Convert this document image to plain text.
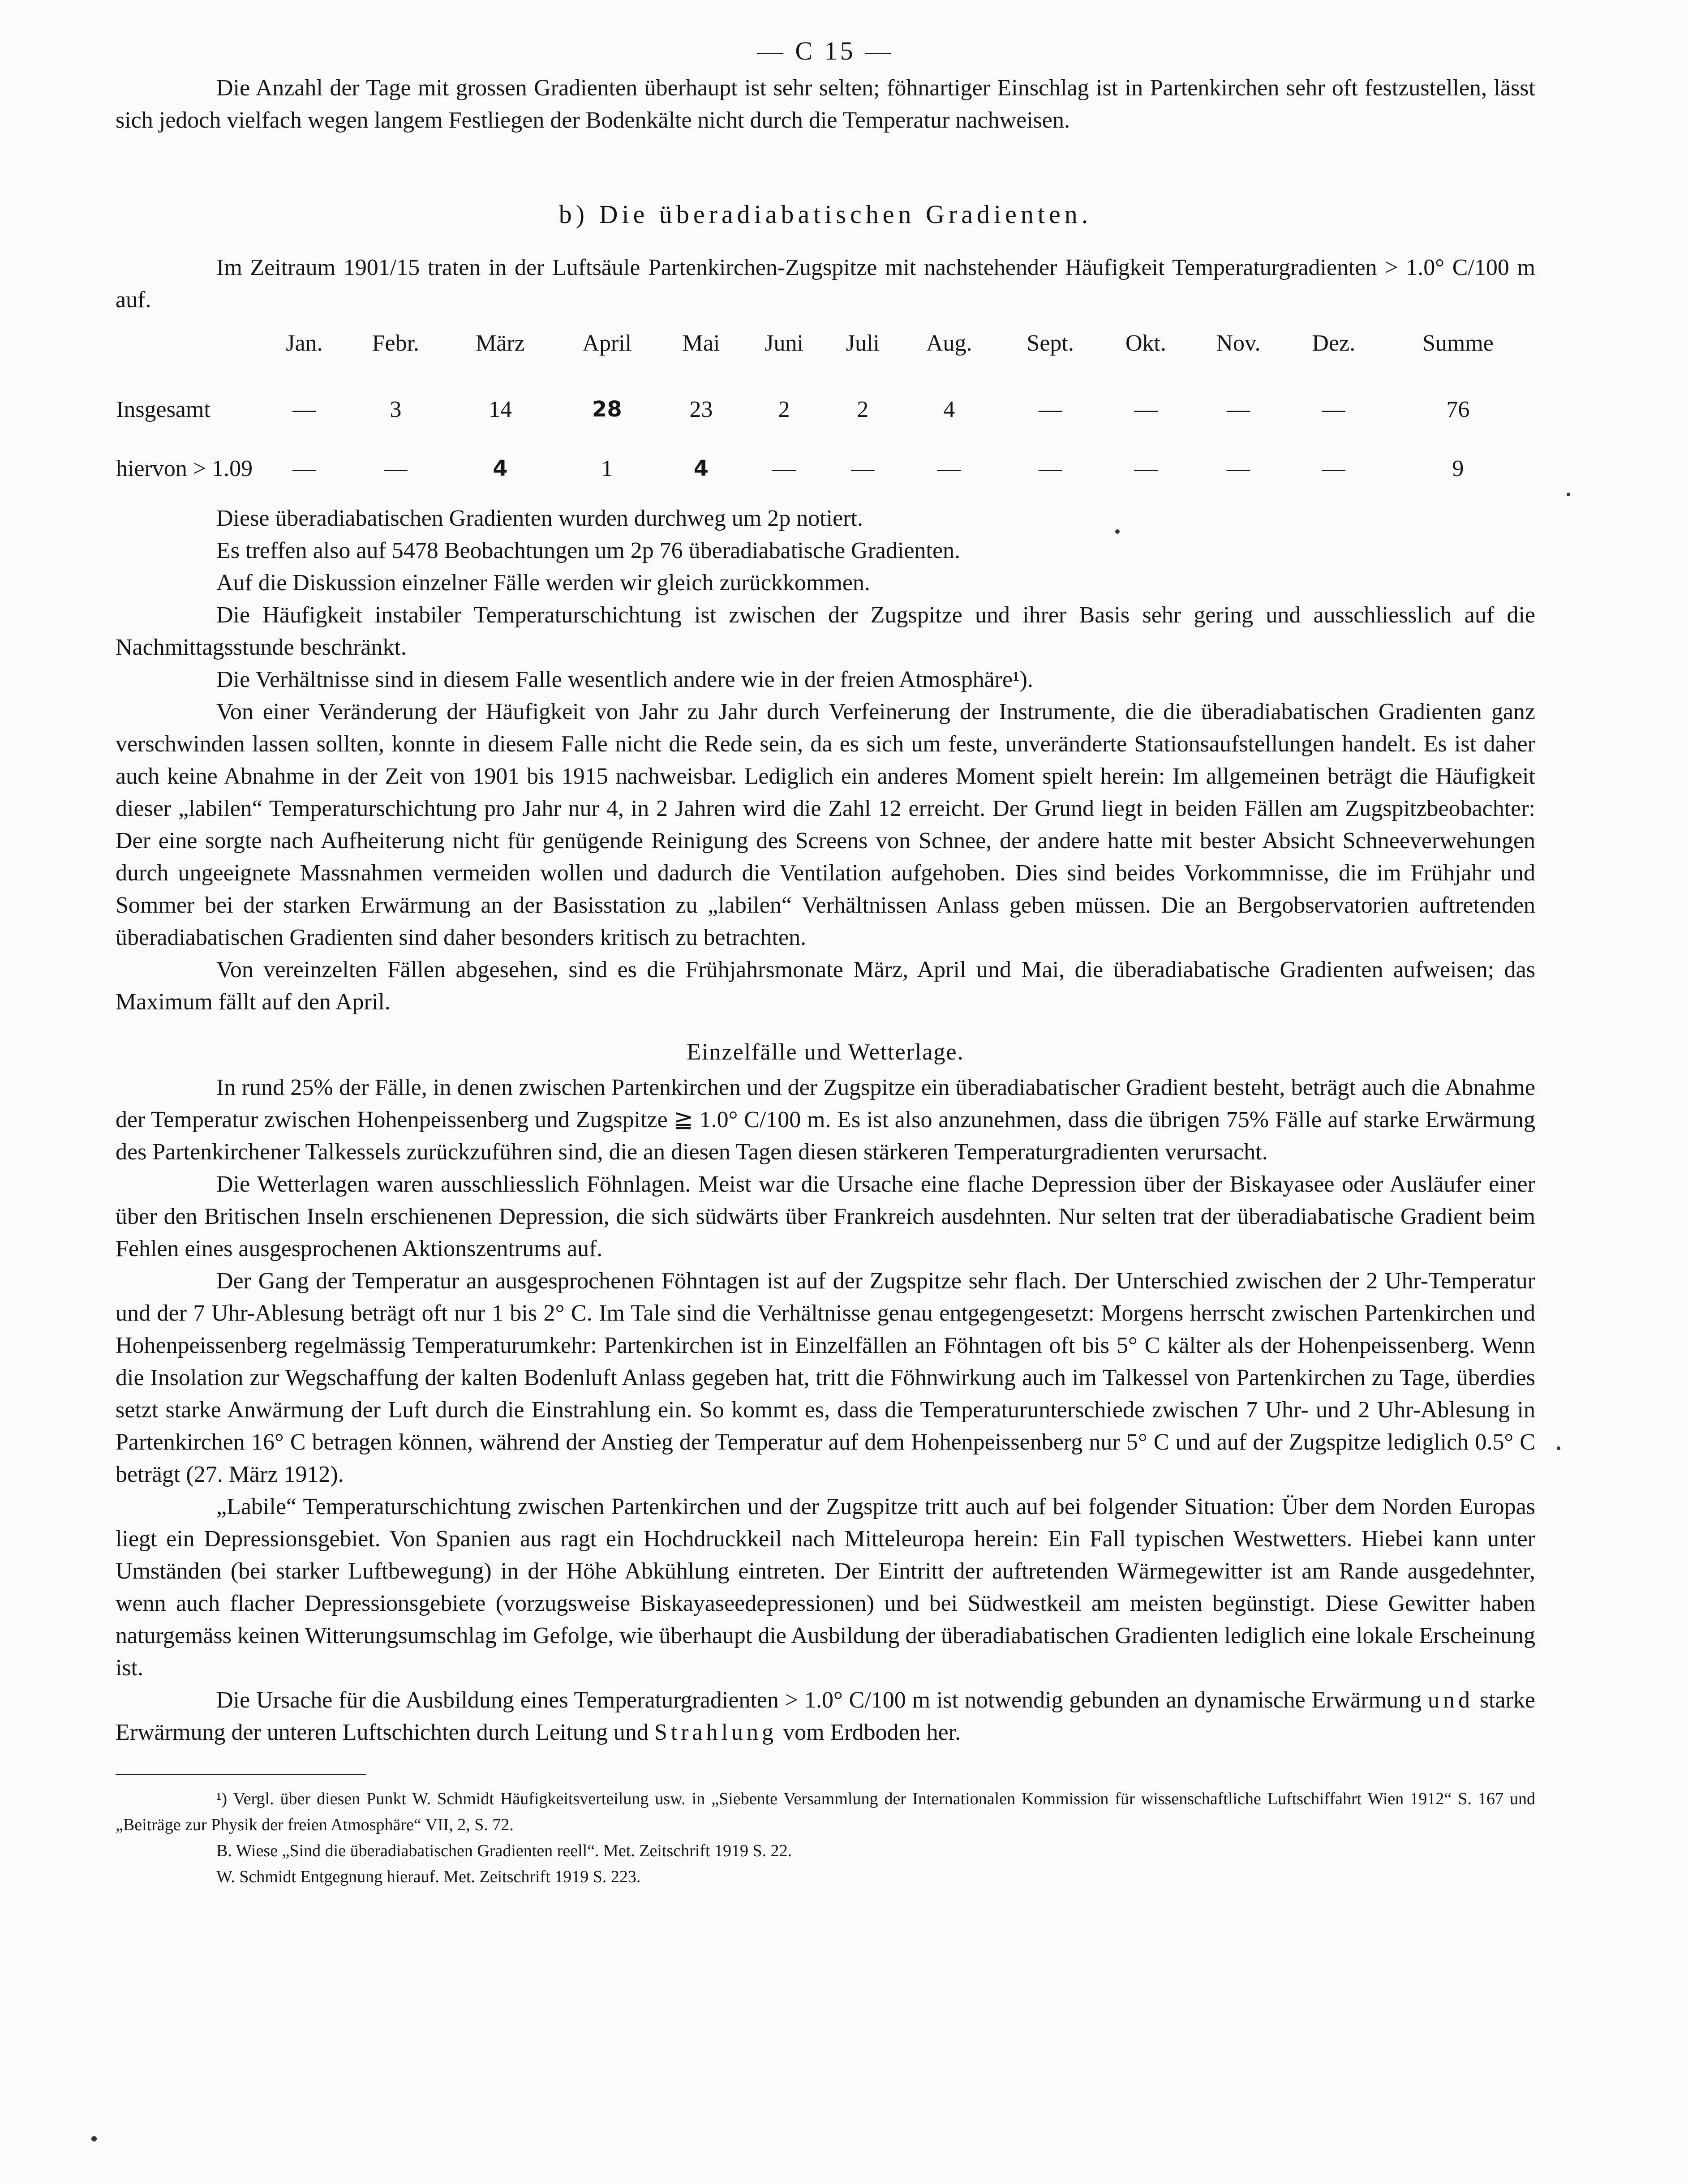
— C 15 —

Die Anzahl der Tage mit grossen Gradienten überhaupt ist sehr selten; föhnartiger Einschlag ist in Partenkirchen sehr oft festzustellen, lässt sich jedoch vielfach wegen langem Festliegen der Bodenkälte nicht durch die Temperatur nachweisen.

b) Die überadiabatischen Gradienten.

Im Zeitraum 1901/15 traten in der Luftsäule Partenkirchen-Zugspitze mit nachstehender Häufigkeit Temperaturgradienten > 1.0° C/100 m auf.

	Jan.	Febr.	März	April	Mai	Juni	Juli	Aug.	Sept.	Okt.	Nov.	Dez.	Summe
Insgesamt	—	3	14	28	23	2	2	4	—	—	—	—	76
hiervon > 1.09	—	—	4	1	4	—	—	—	—	—	—	—	9

Diese überadiabatischen Gradienten wurden durchweg um 2p notiert.

Es treffen also auf 5478 Beobachtungen um 2p 76 überadiabatische Gradienten.

Auf die Diskussion einzelner Fälle werden wir gleich zurückkommen.

Die Häufigkeit instabiler Temperaturschichtung ist zwischen der Zugspitze und ihrer Basis sehr gering und ausschliesslich auf die Nachmittagsstunde beschränkt.

Die Verhältnisse sind in diesem Falle wesentlich andere wie in der freien Atmosphäre¹).

Von einer Veränderung der Häufigkeit von Jahr zu Jahr durch Verfeinerung der Instrumente, die die überadiabatischen Gradienten ganz verschwinden lassen sollten, konnte in diesem Falle nicht die Rede sein, da es sich um feste, unveränderte Stationsaufstellungen handelt. Es ist daher auch keine Abnahme in der Zeit von 1901 bis 1915 nachweisbar. Lediglich ein anderes Moment spielt herein: Im allgemeinen beträgt die Häufigkeit dieser „labilen“ Temperaturschichtung pro Jahr nur 4, in 2 Jahren wird die Zahl 12 erreicht. Der Grund liegt in beiden Fällen am Zugspitzbeobachter: Der eine sorgte nach Aufheiterung nicht für genügende Reinigung des Screens von Schnee, der andere hatte mit bester Absicht Schneeverwehungen durch ungeeignete Massnahmen vermeiden wollen und dadurch die Ventilation aufgehoben. Dies sind beides Vorkommnisse, die im Frühjahr und Sommer bei der starken Erwärmung an der Basisstation zu „labilen“ Verhältnissen Anlass geben müssen. Die an Bergobservatorien auftretenden überadiabatischen Gradienten sind daher besonders kritisch zu betrachten.

Von vereinzelten Fällen abgesehen, sind es die Frühjahrsmonate März, April und Mai, die überadiabatische Gradienten aufweisen; das Maximum fällt auf den April.

Einzelfälle und Wetterlage.

In rund 25% der Fälle, in denen zwischen Partenkirchen und der Zugspitze ein überadiabatischer Gradient besteht, beträgt auch die Abnahme der Temperatur zwischen Hohenpeissenberg und Zugspitze ≧ 1.0° C/100 m. Es ist also anzunehmen, dass die übrigen 75% Fälle auf starke Erwärmung des Partenkirchener Talkessels zurückzuführen sind, die an diesen Tagen diesen stärkeren Temperaturgradienten verursacht.

Die Wetterlagen waren ausschliesslich Föhnlagen. Meist war die Ursache eine flache Depression über der Biskayasee oder Ausläufer einer über den Britischen Inseln erschienenen Depression, die sich südwärts über Frankreich ausdehnten. Nur selten trat der überadiabatische Gradient beim Fehlen eines ausgesprochenen Aktionszentrums auf.

Der Gang der Temperatur an ausgesprochenen Föhntagen ist auf der Zugspitze sehr flach. Der Unterschied zwischen der 2 Uhr-Temperatur und der 7 Uhr-Ablesung beträgt oft nur 1 bis 2° C. Im Tale sind die Verhältnisse genau entgegengesetzt: Morgens herrscht zwischen Partenkirchen und Hohenpeissenberg regelmässig Temperaturumkehr: Partenkirchen ist in Einzelfällen an Föhntagen oft bis 5° C kälter als der Hohenpeissenberg. Wenn die Insolation zur Wegschaffung der kalten Bodenluft Anlass gegeben hat, tritt die Föhnwirkung auch im Talkessel von Partenkirchen zu Tage, überdies setzt starke Anwärmung der Luft durch die Einstrahlung ein. So kommt es, dass die Temperaturunterschiede zwischen 7 Uhr- und 2 Uhr-Ablesung in Partenkirchen 16° C betragen können, während der Anstieg der Temperatur auf dem Hohenpeissenberg nur 5° C und auf der Zugspitze lediglich 0.5° C beträgt (27. März 1912).

„Labile“ Temperaturschichtung zwischen Partenkirchen und der Zugspitze tritt auch auf bei folgender Situation: Über dem Norden Europas liegt ein Depressionsgebiet. Von Spanien aus ragt ein Hochdruckkeil nach Mitteleuropa herein: Ein Fall typischen Westwetters. Hiebei kann unter Umständen (bei starker Luftbewegung) in der Höhe Abkühlung eintreten. Der Eintritt der auftretenden Wärmegewitter ist am Rande ausgedehnter, wenn auch flacher Depressionsgebiete (vorzugsweise Biskayaseedepressionen) und bei Südwestkeil am meisten begünstigt. Diese Gewitter haben naturgemäss keinen Witterungsumschlag im Gefolge, wie überhaupt die Ausbildung der überadiabatischen Gradienten lediglich eine lokale Erscheinung ist.

Die Ursache für die Ausbildung eines Temperaturgradienten > 1.0° C/100 m ist notwendig gebunden an dynamische Erwärmung und starke Erwärmung der unteren Luftschichten durch Leitung und Strahlung vom Erdboden her.

¹) Vergl. über diesen Punkt W. Schmidt Häufigkeitsverteilung usw. in „Siebente Versammlung der Internationalen Kommission für wissenschaftliche Luftschiffahrt Wien 1912“ S. 167 und „Beiträge zur Physik der freien Atmosphäre“ VII, 2, S. 72.

B. Wiese „Sind die überadiabatischen Gradienten reell“. Met. Zeitschrift 1919 S. 22.

W. Schmidt Entgegnung hierauf. Met. Zeitschrift 1919 S. 223.
